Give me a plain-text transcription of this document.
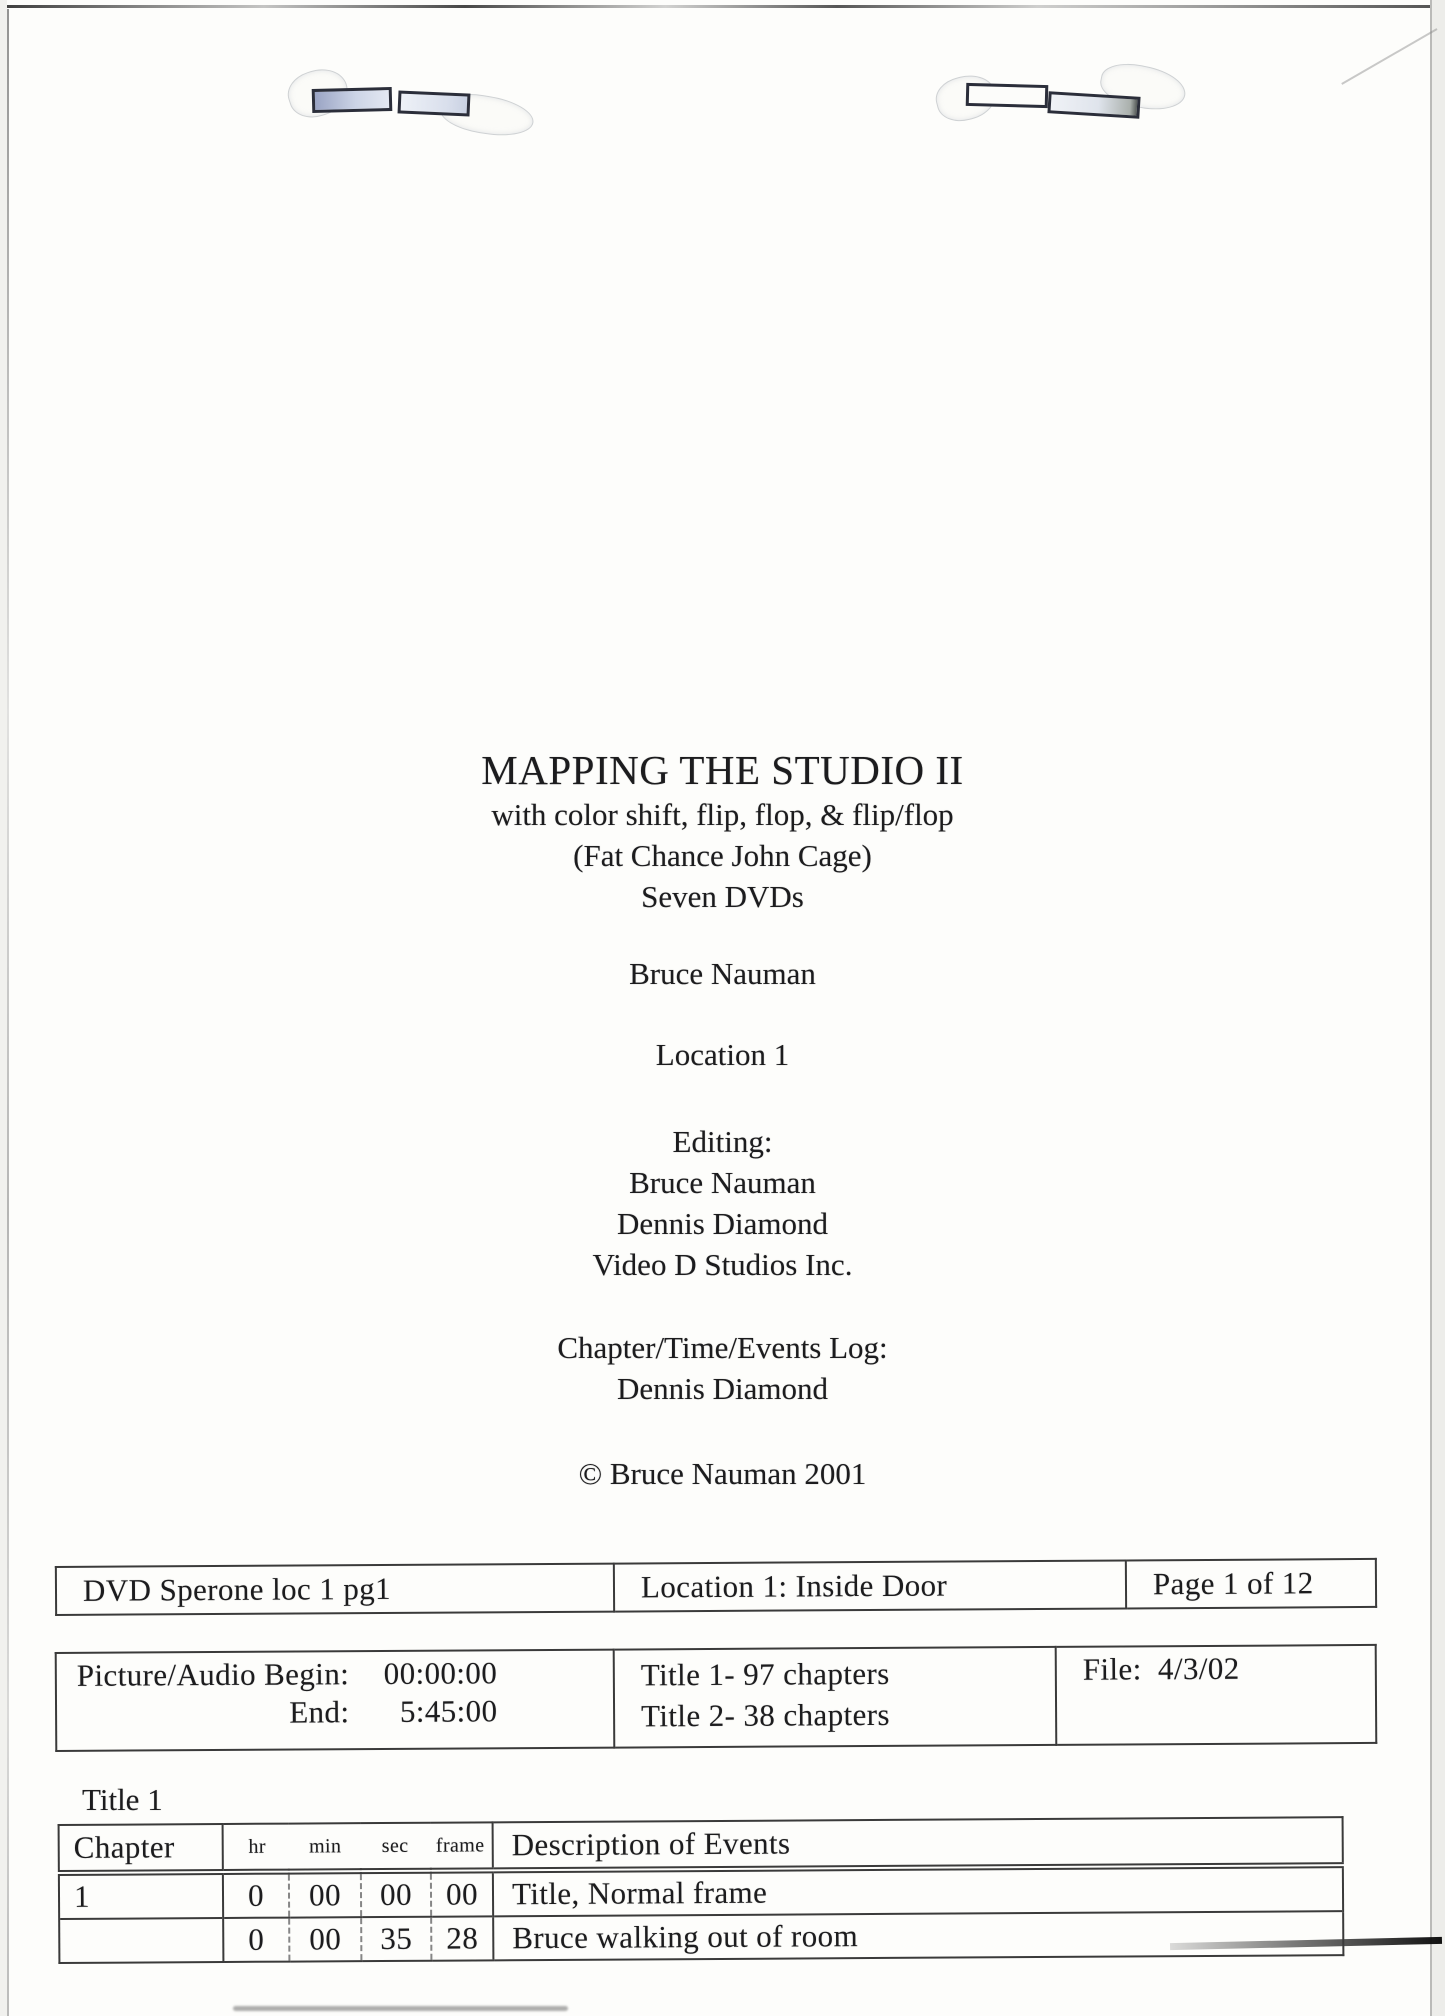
MAPPING THE STUDIO II
with color shift, flip, flop, & flip/flop
(Fat Chance John Cage)
Seven DVDs
Bruce Nauman
Location 1
Editing:
Bruce Nauman
Dennis Diamond
Video D Studios Inc.
Chapter/Time/Events Log:
Dennis Diamond
© Bruce Nauman 2001
DVD Sperone loc 1 pg1	Location 1: Inside Door	Page 1 of 12
Picture/Audio Begin:	00:00:00
End:	5:45:00

Title 1- 97 chapters
Title 2- 38 chapters

File: 4/3/02
Title 1
Chapter	hr min sec frame				Description of Events
1	0	00	00	00	Title, Normal frame
	0	00	35	28	Bruce walking out of room
